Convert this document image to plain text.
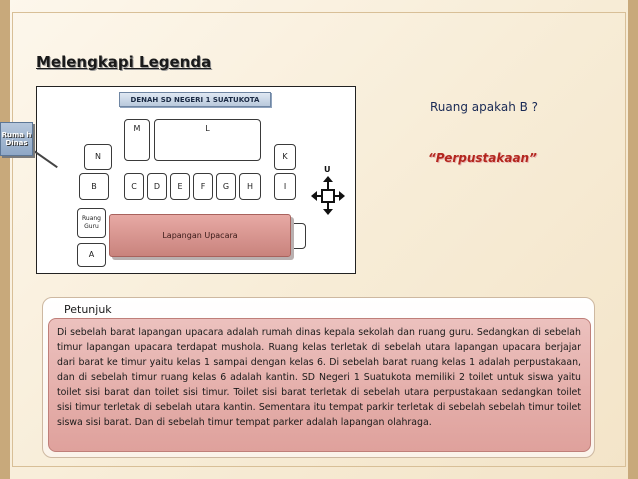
Melengkapi Legenda
DENAH SD NEGERI 1 SUATUKOTA
M	L
N	K
B	C	D	E	F	G	H	I
Ruang Guru
A
Lapangan Upacara
U
Ruma h Dinas
Ruang apakah B ?
“Perpustakaan”
Petunjuk

Di sebelah barat lapangan upacara adalah rumah dinas kepala sekolah dan ruang guru. Sedangkan di sebelah timur lapangan upacara terdapat mushola. Ruang kelas terletak di sebelah utara lapangan upacara berjajar dari barat ke timur yaitu kelas 1 sampai dengan kelas 6. Di sebelah barat ruang kelas 1 adalah perpustakaan, dan di sebelah timur ruang kelas 6 adalah kantin. SD Negeri 1 Suatukota memiliki 2 toilet untuk siswa yaitu toilet sisi barat dan toilet sisi timur. Toilet sisi barat terletak di sebelah utara perpustakaan sedangkan toilet sisi timur terletak di sebelah utara kantin. Sementara itu tempat parkir terletak di sebelah sebelah timur toilet siswa sisi barat. Dan di sebelah timur tempat parker adalah lapangan olahraga.
